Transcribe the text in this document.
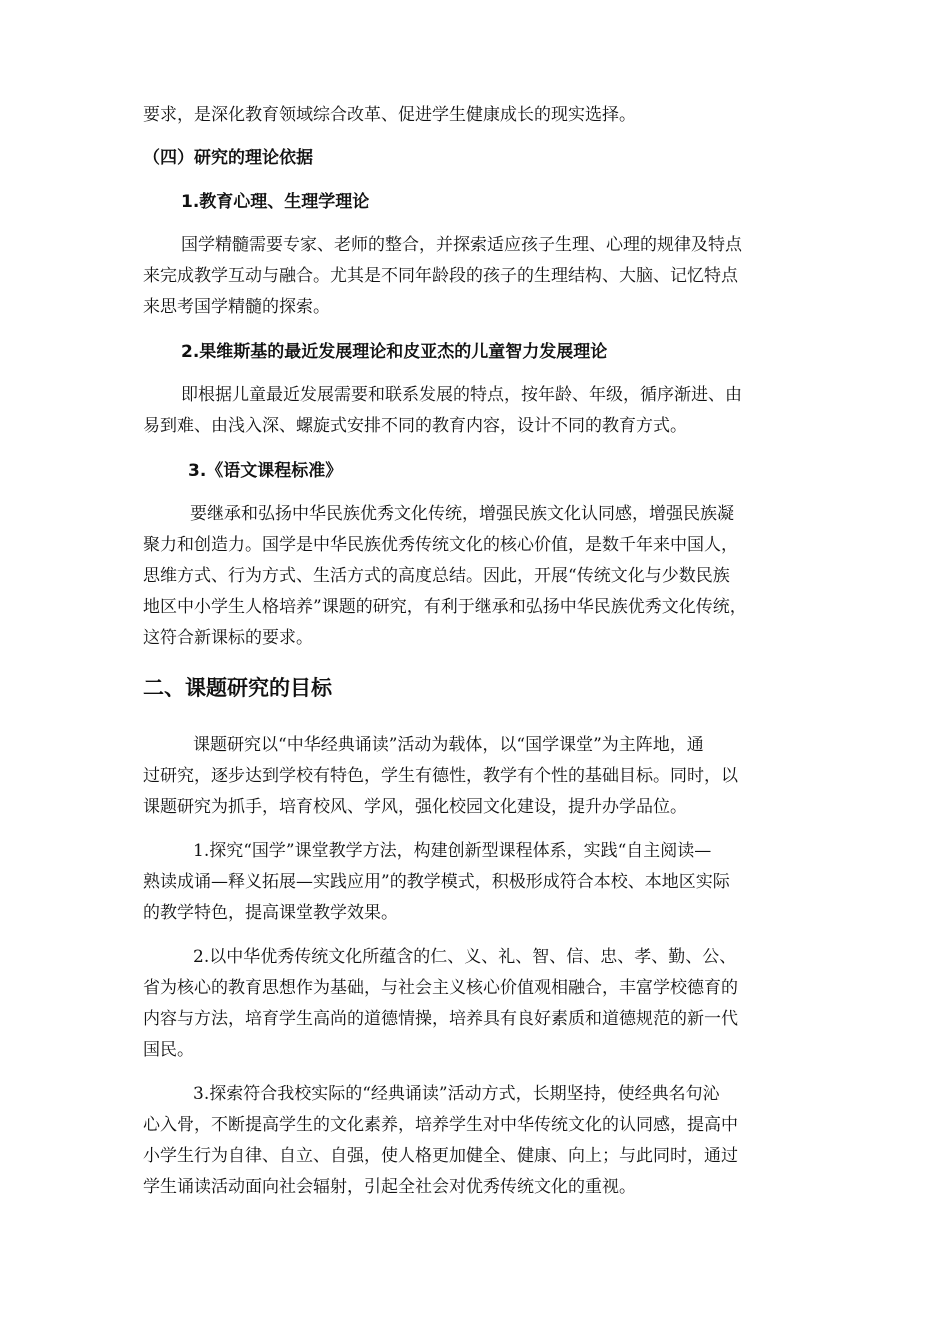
要求，是深化教育领域综合改革、促进学生健康成长的现实选择。
（四）研究的理论依据
1.教育心理、生理学理论
国学精髓需要专家、老师的整合，并探索适应孩子生理、心理的规律及特点
来完成教学互动与融合。尤其是不同年龄段的孩子的生理结构、大脑、记忆特点
来思考国学精髓的探索。
2.果维斯基的最近发展理论和皮亚杰的儿童智力发展理论
即根据儿童最近发展需要和联系发展的特点，按年龄、年级，循序渐进、由
易到难、由浅入深、螺旋式安排不同的教育内容，设计不同的教育方式。
3.《语文课程标准》
要继承和弘扬中华民族优秀文化传统，增强民族文化认同感，增强民族凝
聚力和创造力。国学是中华民族优秀传统文化的核心价值，是数千年来中国人，
思维方式、行为方式、生活方式的高度总结。因此，开展“传统文化与少数民族
地区中小学生人格培养”课题的研究，有利于继承和弘扬中华民族优秀文化传统，
这符合新课标的要求。
二、课题研究的目标
课题研究以“中华经典诵读”活动为载体，以“国学课堂”为主阵地，通
过研究，逐步达到学校有特色，学生有德性，教学有个性的基础目标。同时，以
课题研究为抓手，培育校风、学风，强化校园文化建设，提升办学品位。
1.探究“国学”课堂教学方法，构建创新型课程体系，实践“自主阅读—
熟读成诵—释义拓展—实践应用”的教学模式，积极形成符合本校、本地区实际
的教学特色，提高课堂教学效果。
2.以中华优秀传统文化所蕴含的仁、义、礼、智、信、忠、孝、勤、公、
省为核心的教育思想作为基础，与社会主义核心价值观相融合，丰富学校德育的
内容与方法，培育学生高尚的道德情操，培养具有良好素质和道德规范的新一代
国民。
3.探索符合我校实际的“经典诵读”活动方式，长期坚持，使经典名句沁
心入骨，不断提高学生的文化素养，培养学生对中华传统文化的认同感，提高中
小学生行为自律、自立、自强，使人格更加健全、健康、向上；与此同时，通过
学生诵读活动面向社会辐射，引起全社会对优秀传统文化的重视。
